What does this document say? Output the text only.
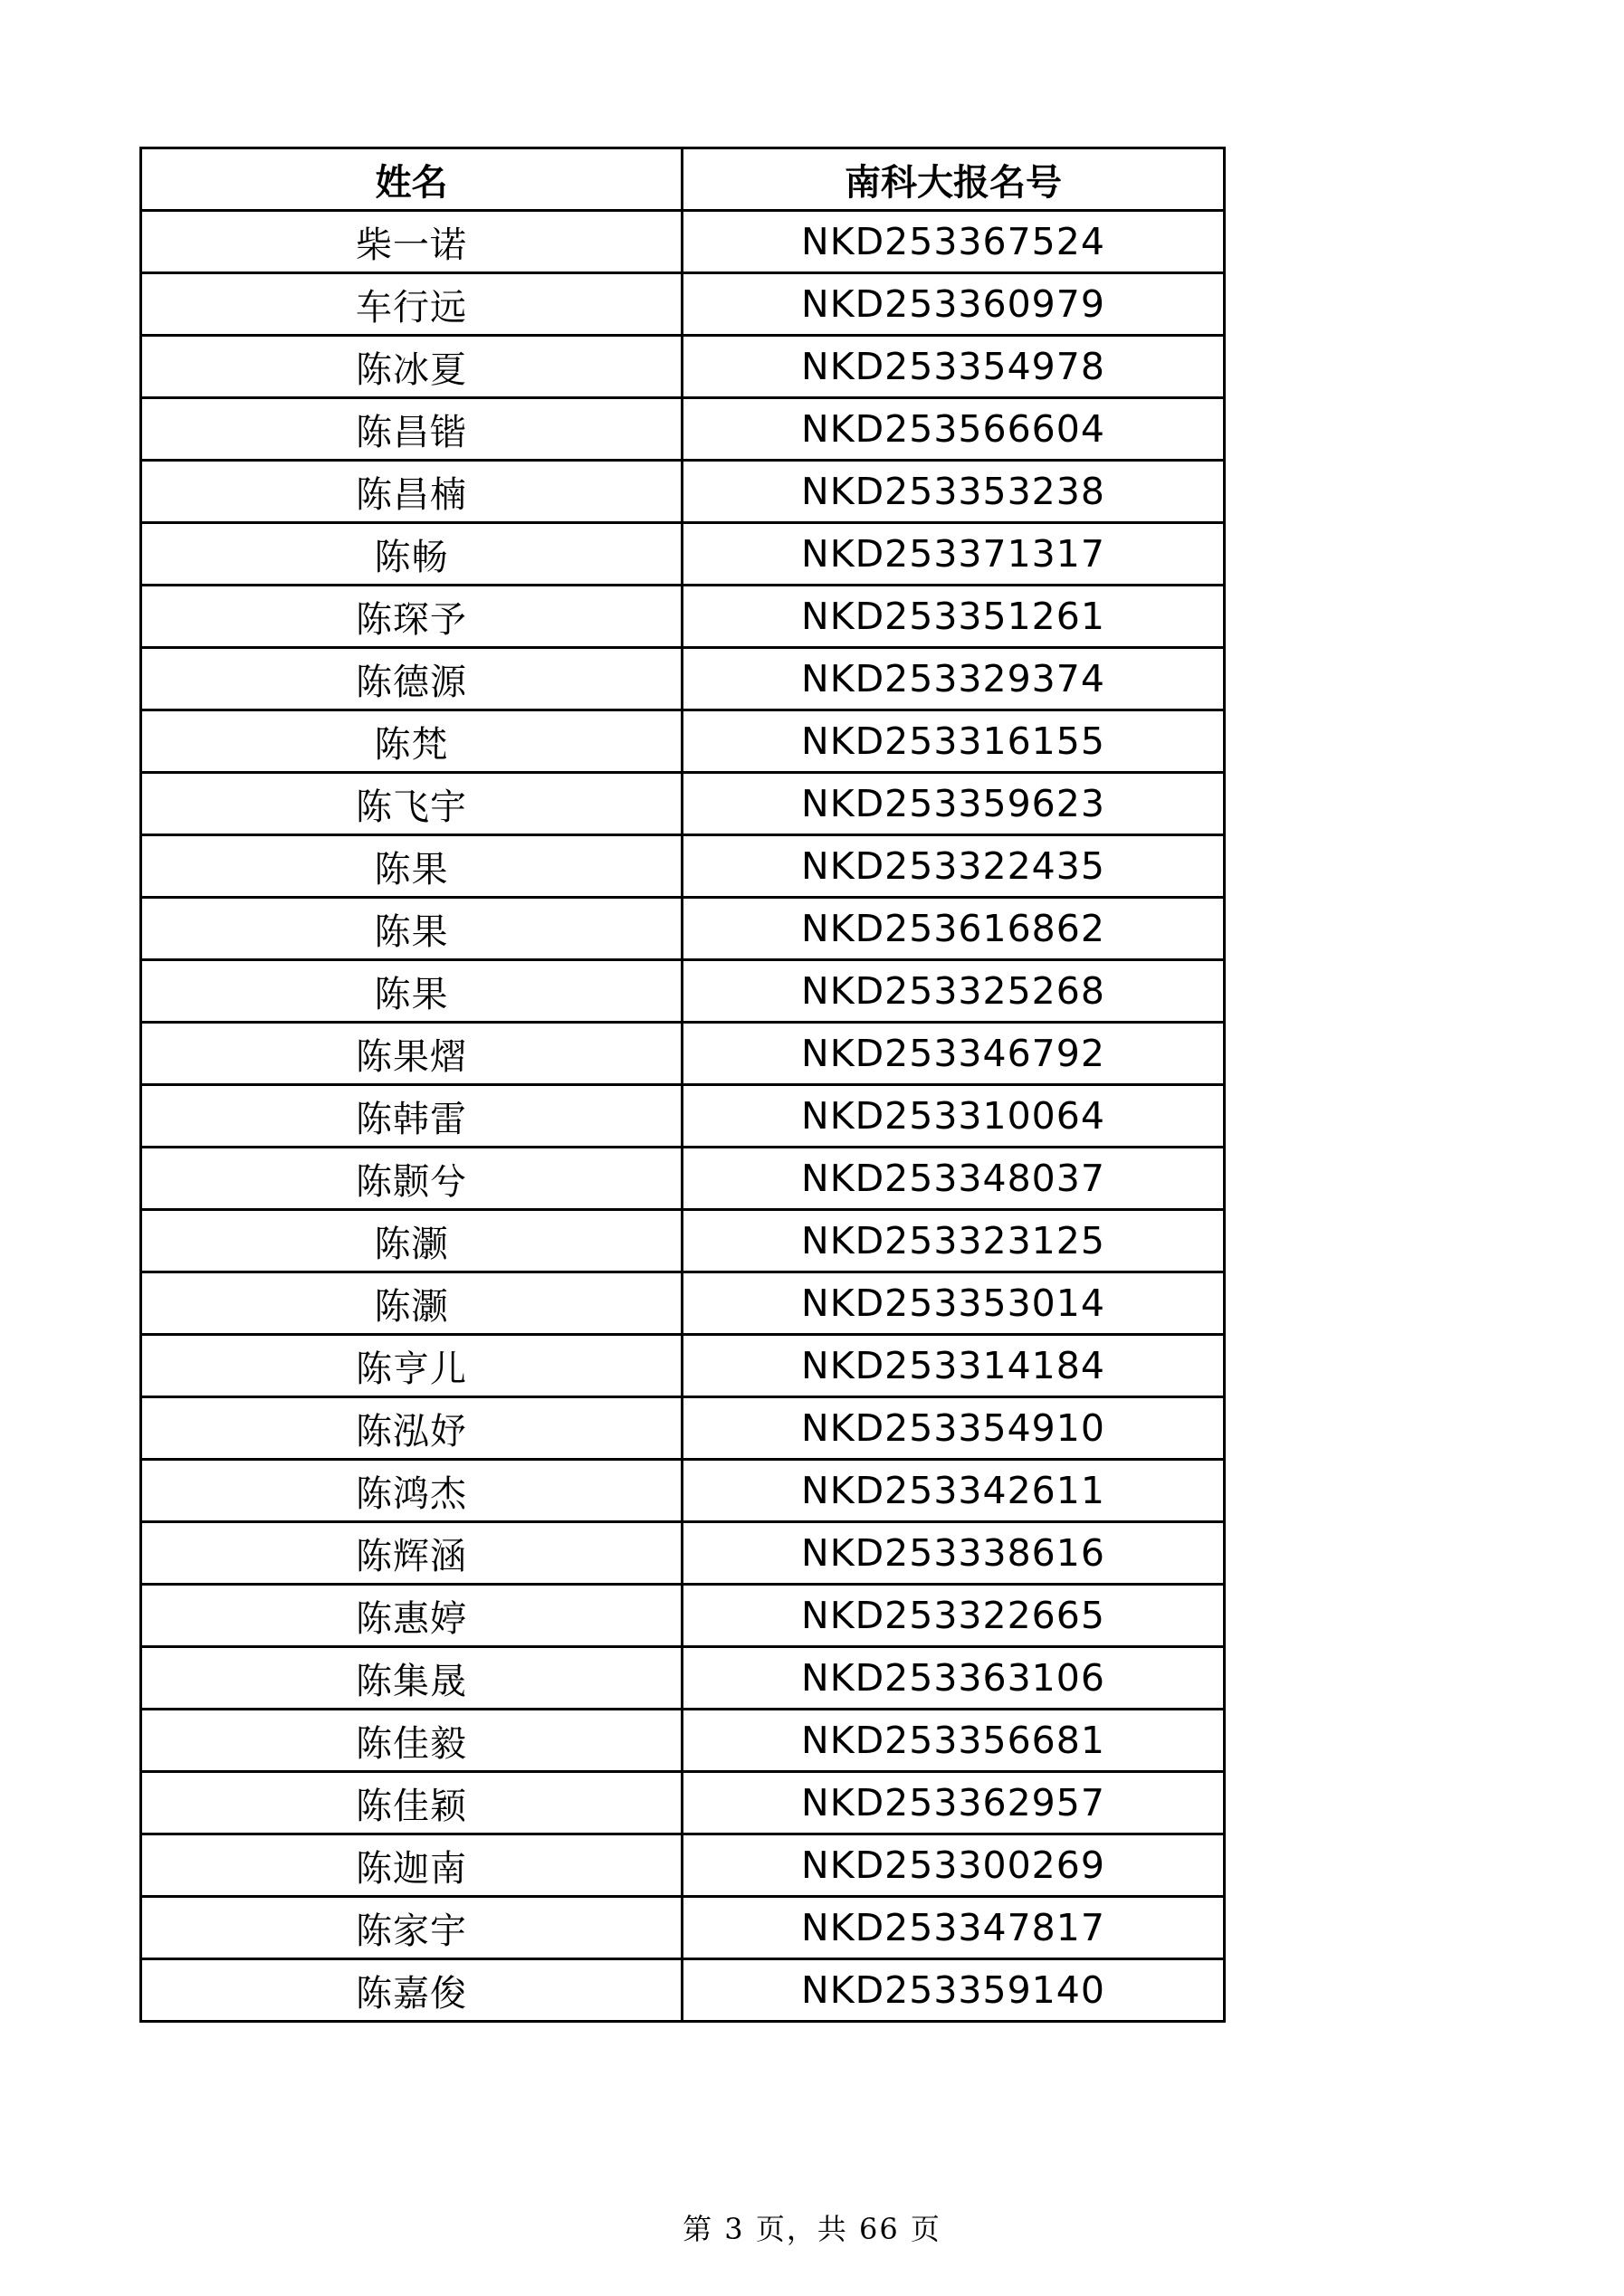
姓名	南科大报名号
柴一诺	NKD253367524
车行远	NKD253360979
陈冰夏	NKD253354978
陈昌锴	NKD253566604
陈昌楠	NKD253353238
陈畅	NKD253371317
陈琛予	NKD253351261
陈德源	NKD253329374
陈梵	NKD253316155
陈飞宇	NKD253359623
陈果	NKD253322435
陈果	NKD253616862
陈果	NKD253325268
陈果熠	NKD253346792
陈韩雷	NKD253310064
陈颢兮	NKD253348037
陈灏	NKD253323125
陈灏	NKD253353014
陈亨儿	NKD253314184
陈泓妤	NKD253354910
陈鸿杰	NKD253342611
陈辉涵	NKD253338616
陈惠婷	NKD253322665
陈集晟	NKD253363106
陈佳毅	NKD253356681
陈佳颖	NKD253362957
陈迦南	NKD253300269
陈家宇	NKD253347817
陈嘉俊	NKD253359140
第 3 页，共 66 页
